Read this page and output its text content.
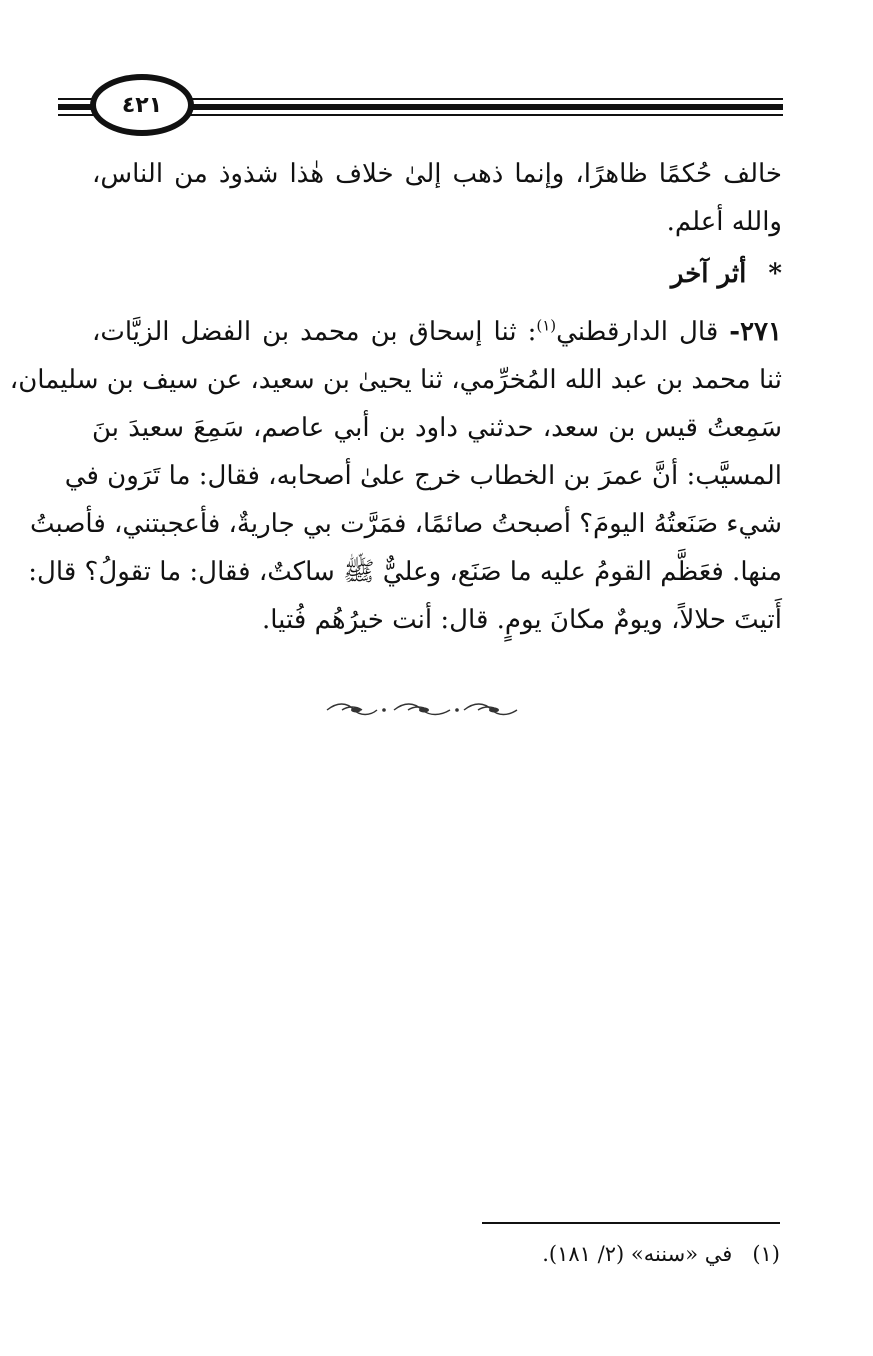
٤٢١
خالف حُكمًا ظاهرًا، وإنما ذهب إلىٰ خلاف هٰذا شذوذ من الناس،
والله أعلم.
*أثر آخر
٢٧١- قال الدارقطني$^{(١)}$: ثنا إسحاق بن محمد بن الفضل الزيَّات،
ثنا محمد بن عبد الله المُخرِّمي، ثنا يحيىٰ بن سعيد، عن سيف بن سليمان،
سَمِعتُ قيس بن سعد، حدثني داود بن أبي عاصم، سَمِعَ سعيدَ بنَ
المسيَّب: أنَّ عمرَ بن الخطاب خرج علىٰ أصحابه، فقال: ما تَرَون في
شيء صَنَعتُهُ اليومَ؟ أصبحتُ صائمًا، فمَرَّت بي جاريةٌ، فأعجبتني، فأصبتُ
منها. فعَظَّم القومُ عليه ما صَنَع، وعليٌّ ﷺ ساكتٌ، فقال: ما تقولُ؟ قال:
أَتيتَ حلالاً، ويومٌ مكانَ يومٍ. قال: أنت خيرُهُم فُتيا.
(١)في «سننه» (٢/ ١٨١).
